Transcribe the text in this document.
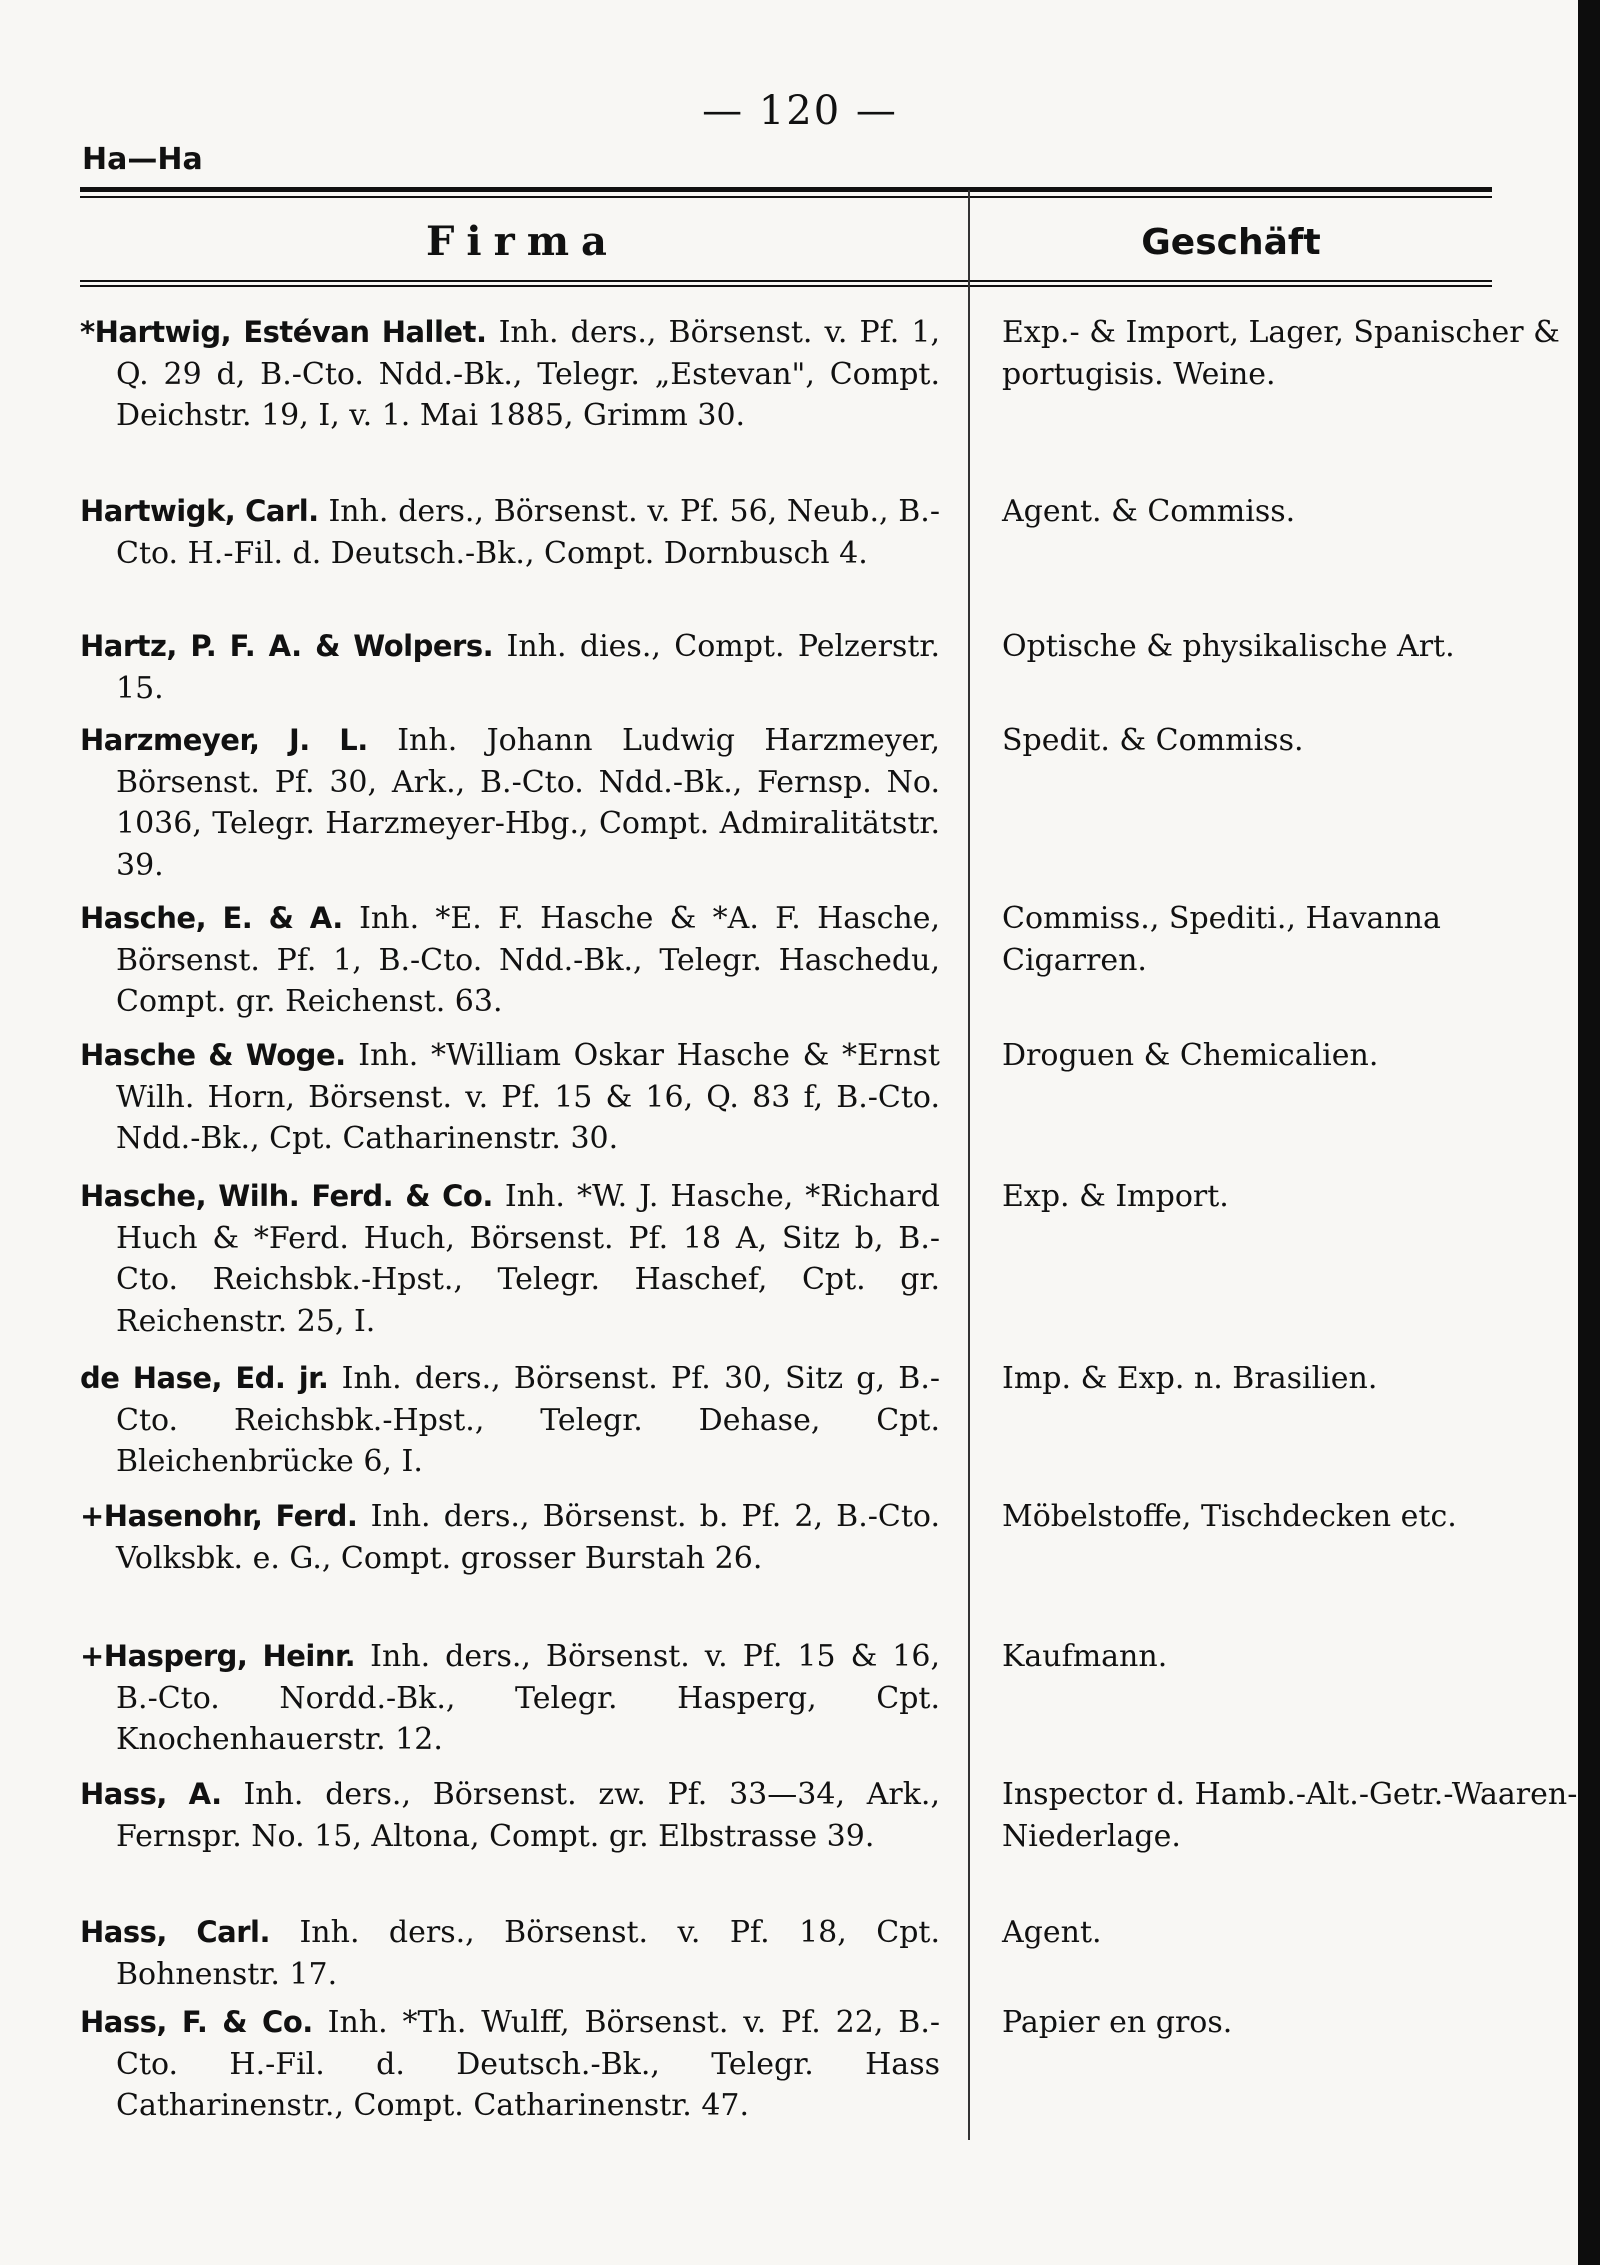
— 120 —
Ha—Ha
Firma	Geschäft
*Hartwig, Estévan Hallet. Inh. ders., Börsenst. v. Pf. 1, Q. 29 d, B.-Cto. Ndd.-Bk., Telegr. „Estevan", Compt. Deichstr. 19, I, v. 1. Mai 1885, Grimm 30.
Exp.- & Import, Lager, Spanischer & portugisis. Weine.
Hartwigk, Carl. Inh. ders., Börsenst. v. Pf. 56, Neub., B.-Cto. H.-Fil. d. Deutsch.-Bk., Compt. Dornbusch 4.
Agent. & Commiss.
Hartz, P. F. A. & Wolpers. Inh. dies., Compt. Pelzerstr. 15.
Optische & physikalische Art.
Harzmeyer, J. L. Inh. Johann Ludwig Harzmeyer, Börsenst. Pf. 30, Ark., B.-Cto. Ndd.-Bk., Fernsp. No. 1036, Telegr. Harzmeyer-Hbg., Compt. Admiralitätstr. 39.
Spedit. & Commiss.
Hasche, E. & A. Inh. *E. F. Hasche & *A. F. Hasche, Börsenst. Pf. 1, B.-Cto. Ndd.-Bk., Telegr. Haschedu, Compt. gr. Reichenst. 63.
Commiss., Spediti., Havanna Cigarren.
Hasche & Woge. Inh. *William Oskar Hasche & *Ernst Wilh. Horn, Börsenst. v. Pf. 15 & 16, Q. 83 f, B.-Cto. Ndd.-Bk., Cpt. Catharinenstr. 30.
Droguen & Chemicalien.
Hasche, Wilh. Ferd. & Co. Inh. *W. J. Hasche, *Richard Huch & *Ferd. Huch, Börsenst. Pf. 18 A, Sitz b, B.-Cto. Reichsbk.-Hpst., Telegr. Haschef, Cpt. gr. Reichenstr. 25, I.
Exp. & Import.
de Hase, Ed. jr. Inh. ders., Börsenst. Pf. 30, Sitz g, B.-Cto. Reichsbk.-Hpst., Telegr. Dehase, Cpt. Bleichenbrücke 6, I.
Imp. & Exp. n. Brasilien.
+Hasenohr, Ferd. Inh. ders., Börsenst. b. Pf. 2, B.-Cto. Volksbk. e. G., Compt. grosser Burstah 26.
Möbelstoffe, Tischdecken etc.
+Hasperg, Heinr. Inh. ders., Börsenst. v. Pf. 15 & 16, B.-Cto. Nordd.-Bk., Telegr. Hasperg, Cpt. Knochenhauerstr. 12.
Kaufmann.
Hass, A. Inh. ders., Börsenst. zw. Pf. 33—34, Ark., Fernspr. No. 15, Altona, Compt. gr. Elbstrasse 39.
Inspector d. Hamb.-Alt.-Getr.-Waaren-Niederlage.
Hass, Carl. Inh. ders., Börsenst. v. Pf. 18, Cpt. Bohnenstr. 17.
Agent.
Hass, F. & Co. Inh. *Th. Wulff, Börsenst. v. Pf. 22, B.-Cto. H.-Fil. d. Deutsch.-Bk., Telegr. Hass Catharinenstr., Compt. Catharinenstr. 47.
Papier en gros.
